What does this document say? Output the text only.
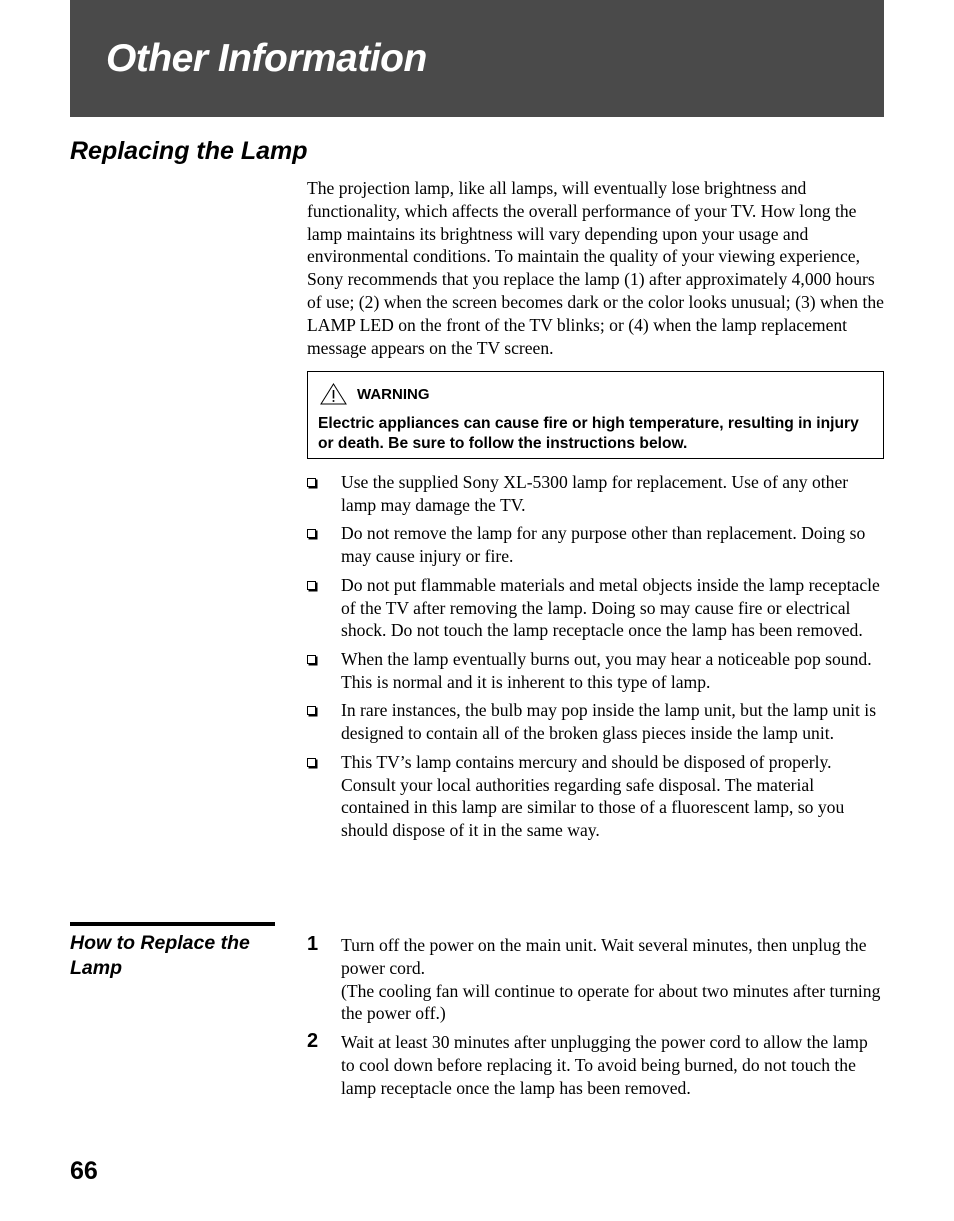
Other Information
Replacing the Lamp

The projection lamp, like all lamps, will eventually lose brightness and functionality, which affects the overall performance of your TV. How long the lamp maintains its brightness will vary depending upon your usage and environmental conditions. To maintain the quality of your viewing experience, Sony recommends that you replace the lamp (1) after approximately 4,000 hours of use; (2) when the screen becomes dark or the color looks unusual; (3) when the LAMP LED on the front of the TV blinks; or (4) when the lamp replacement message appears on the TV screen.

WARNING

Electric appliances can cause fire or high temperature, resulting in injury or death. Be sure to follow the instructions below.

Use the supplied Sony XL-5300 lamp for replacement. Use of any other lamp may damage the TV.
Do not remove the lamp for any purpose other than replacement. Doing so may cause injury or fire.
Do not put flammable materials and metal objects inside the lamp receptacle of the TV after removing the lamp. Doing so may cause fire or electrical shock. Do not touch the lamp receptacle once the lamp has been removed.
When the lamp eventually burns out, you may hear a noticeable pop sound. This is normal and it is inherent to this type of lamp.
In rare instances, the bulb may pop inside the lamp unit, but the lamp unit is designed to contain all of the broken glass pieces inside the lamp unit.
This TV’s lamp contains mercury and should be disposed of properly. Consult your local authorities regarding safe disposal. The material contained in this lamp are similar to those of a fluorescent lamp, so you should dispose of it in the same way.
How to Replace the Lamp
1 Turn off the power on the main unit. Wait several minutes, then unplug the power cord.

(The cooling fan will continue to operate for about two minutes after turning the power off.)

2 Wait at least 30 minutes after unplugging the power cord to allow the lamp to cool down before replacing it. To avoid being burned, do not touch the lamp receptacle once the lamp has been removed.

66
